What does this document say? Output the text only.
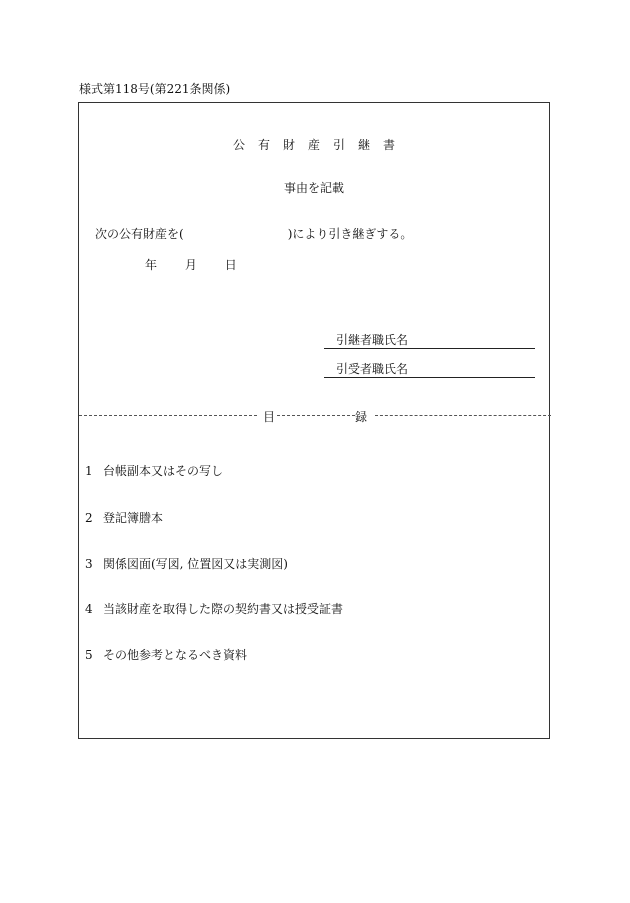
様式第118号(第221条関係)
公有財産引継書
事由を記載
次の公有財産を(	)により引き継ぎする。
年 月 日
引継者職氏名
引受者職氏名
目	録
1 台帳副本又はその写し
2 登記簿謄本
3 関係図面(写図, 位置図又は実測図)
4 当該財産を取得した際の契約書又は授受証書
5 その他参考となるべき資料
